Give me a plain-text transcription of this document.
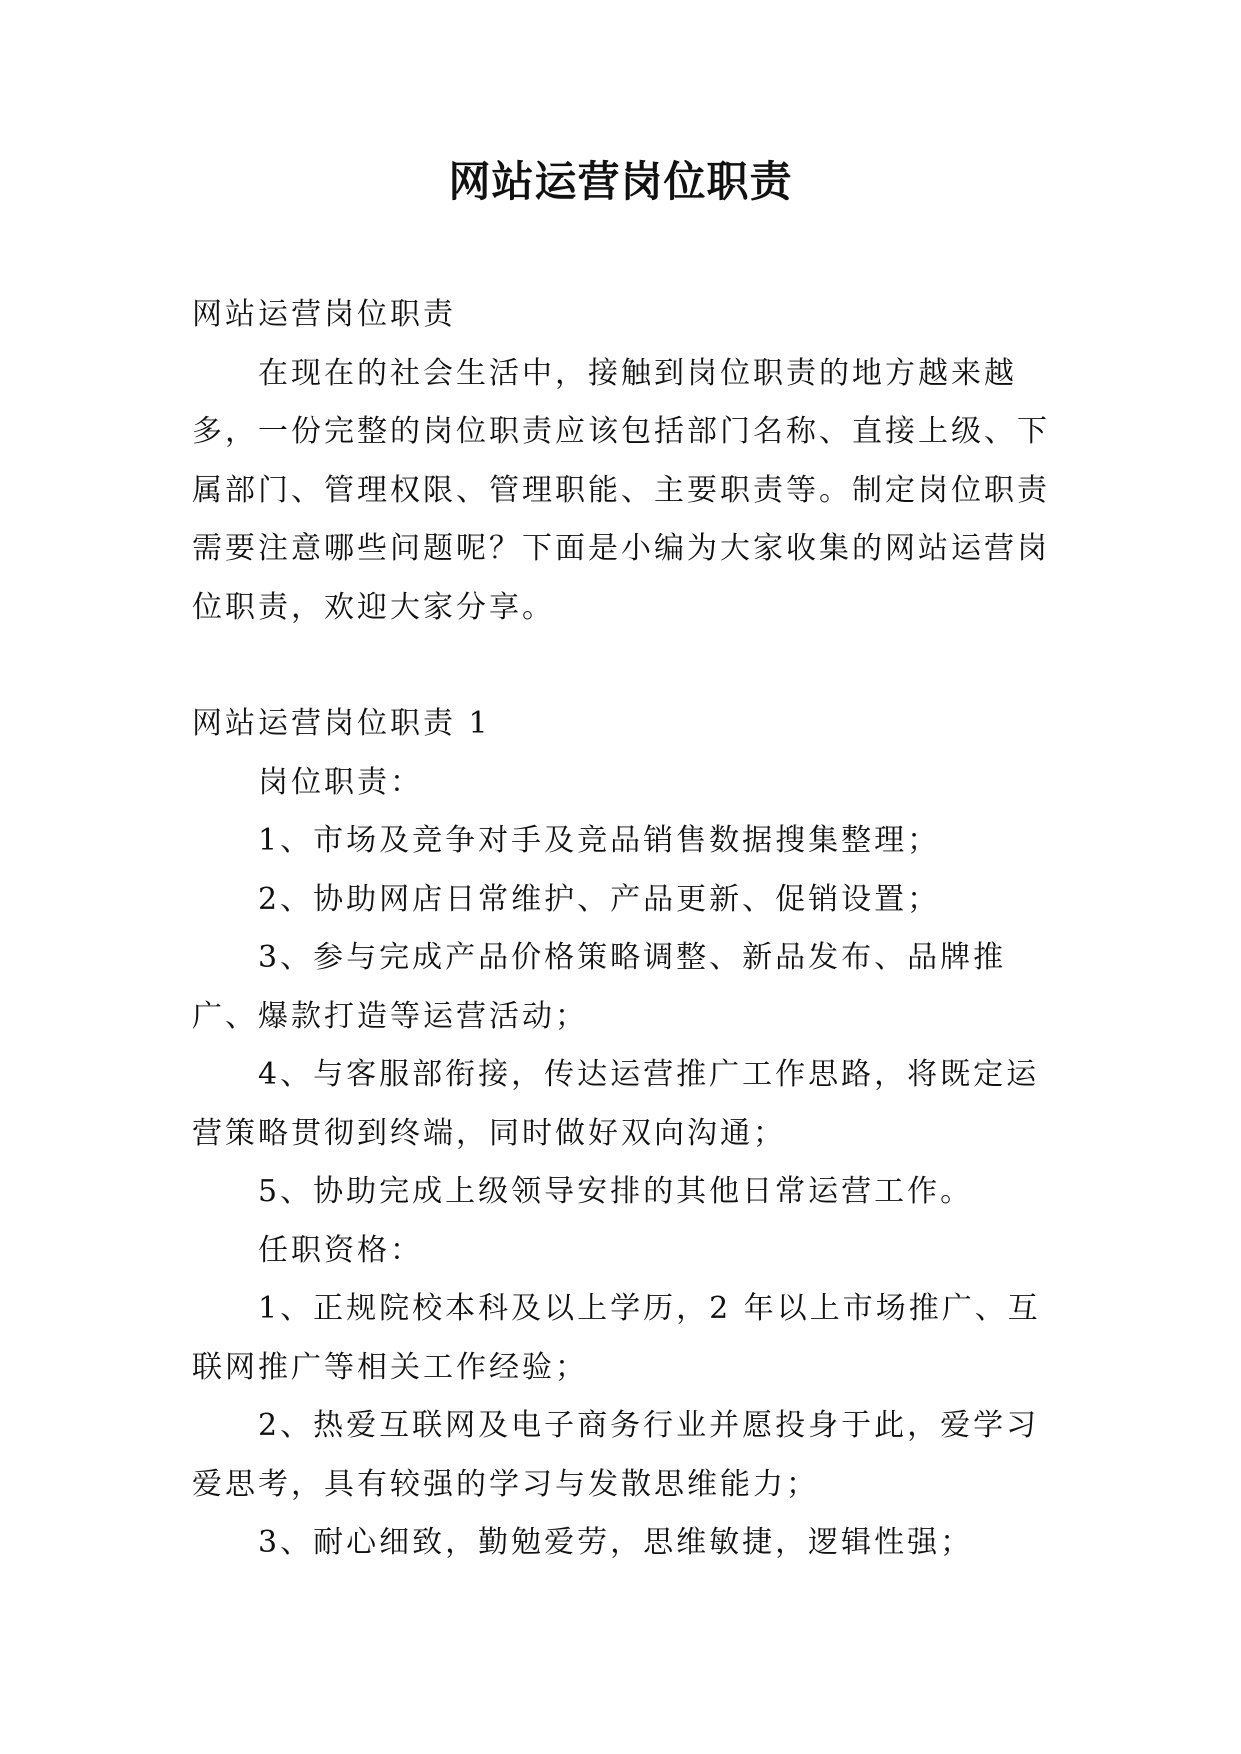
网站运营岗位职责

网站运营岗位职责

在现在的社会生活中，接触到岗位职责的地方越来越多，一份完整的岗位职责应该包括部门名称、直接上级、下属部门、管理权限、管理职能、主要职责等。制定岗位职责需要注意哪些问题呢？下面是小编为大家收集的网站运营岗位职责，欢迎大家分享。

网站运营岗位职责 1

岗位职责：

1、市场及竞争对手及竞品销售数据搜集整理；

2、协助网店日常维护、产品更新、促销设置；

3、参与完成产品价格策略调整、新品发布、品牌推广、爆款打造等运营活动；

4、与客服部衔接，传达运营推广工作思路，将既定运营策略贯彻到终端，同时做好双向沟通；

5、协助完成上级领导安排的其他日常运营工作。

任职资格：

1、正规院校本科及以上学历，2 年以上市场推广、互联网推广等相关工作经验；

2、热爱互联网及电子商务行业并愿投身于此，爱学习爱思考，具有较强的学习与发散思维能力；

3、耐心细致，勤勉爱劳，思维敏捷，逻辑性强；
